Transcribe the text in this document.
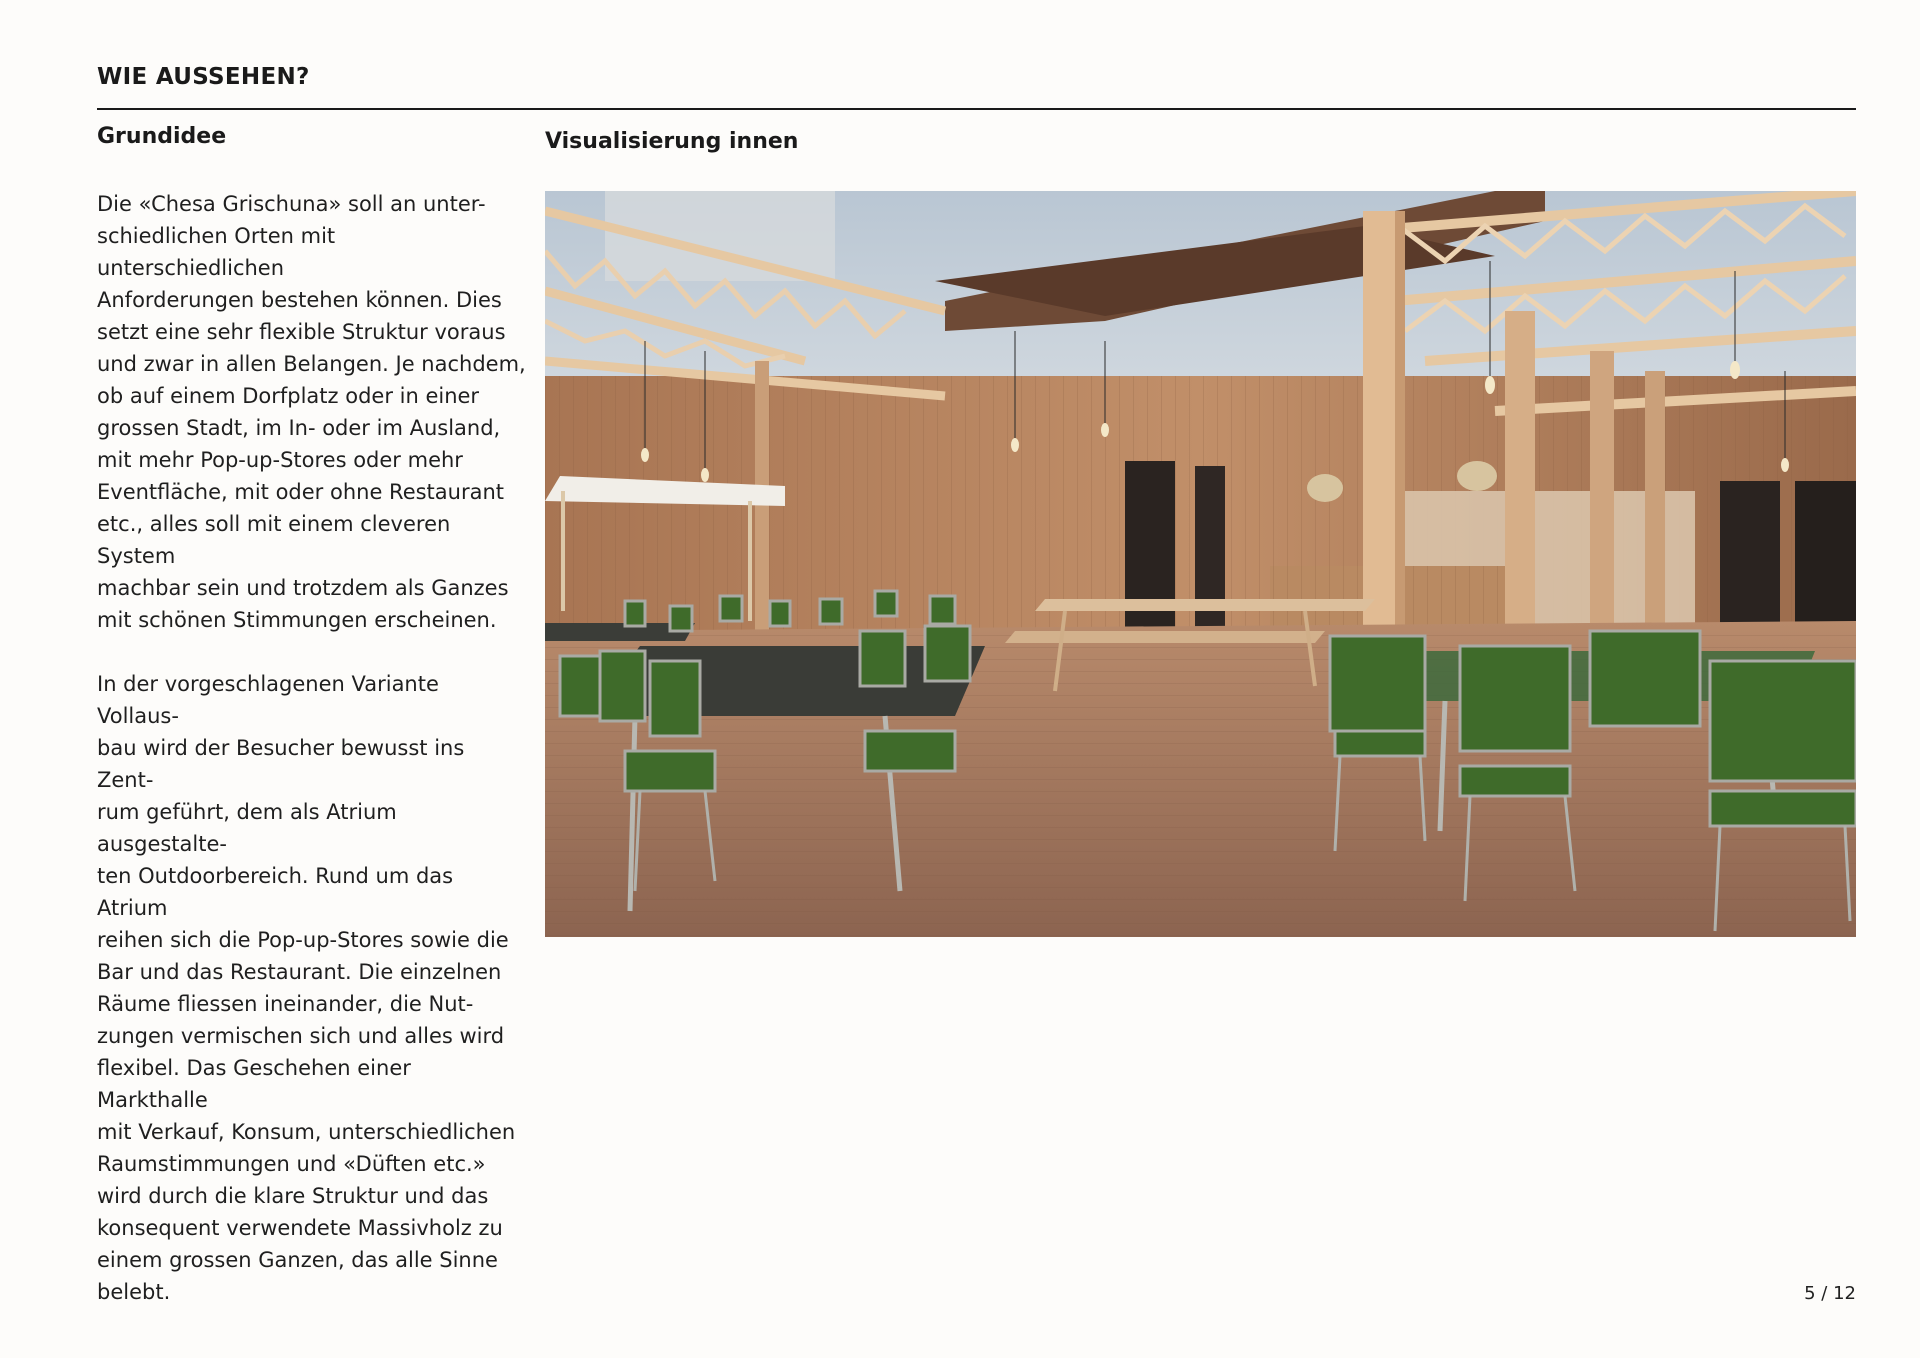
WIE AUSSEHEN?
Grundidee

Die «Chesa Grischuna» soll an unter-
schiedlichen Orten mit unterschiedlichen
Anforderungen bestehen können. Dies
setzt eine sehr flexible Struktur voraus
und zwar in allen Belangen. Je nachdem,
ob auf einem Dorfplatz oder in einer
grossen Stadt, im In- oder im Ausland,
mit mehr Pop-up-Stores oder mehr
Eventfläche, mit oder ohne Restaurant
etc., alles soll mit einem cleveren System
machbar sein und trotzdem als Ganzes
mit schönen Stimmungen erscheinen.

In der vorgeschlagenen Variante Vollaus-
bau wird der Besucher bewusst ins Zent-
rum geführt, dem als Atrium ausgestalte-
ten Outdoorbereich. Rund um das Atrium
reihen sich die Pop-up-Stores sowie die
Bar und das Restaurant. Die einzelnen
Räume fliessen ineinander, die Nut-
zungen vermischen sich und alles wird
flexibel. Das Geschehen einer Markthalle
mit Verkauf, Konsum, unterschiedlichen
Raumstimmungen und «Düften etc.»
wird durch die klare Struktur und das
konsequent verwendete Massivholz zu
einem grossen Ganzen, das alle Sinne
belebt.

Visualisierung innen
5 / 12
